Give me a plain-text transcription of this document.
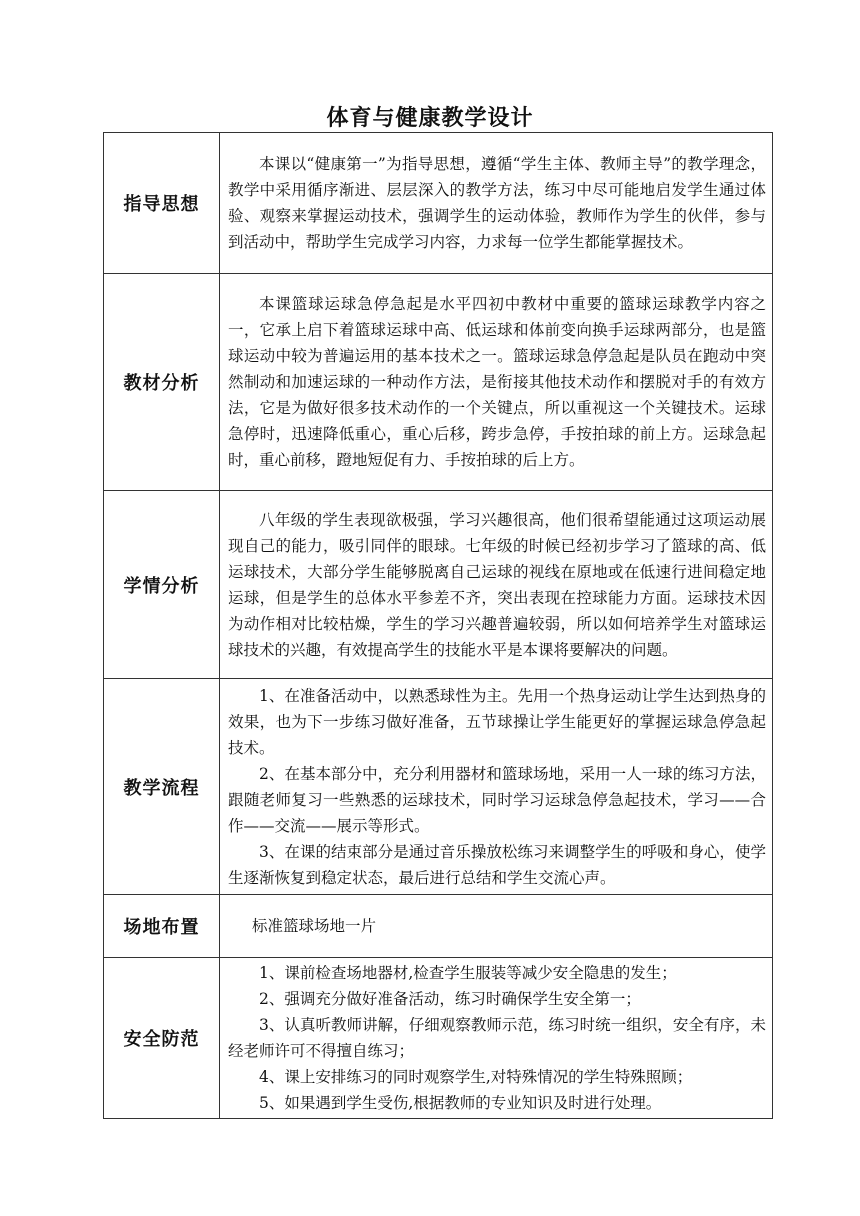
体育与健康教学设计
指导思想	本课以“健康第一”为指导思想，遵循“学生主体、教师主导”的教学理念，教学中采用循序渐进、层层深入的教学方法，练习中尽可能地启发学生通过体验、观察来掌握运动技术，强调学生的运动体验，教师作为学生的伙伴，参与到活动中，帮助学生完成学习内容，力求每一位学生都能掌握技术。

教材分析	本课篮球运球急停急起是水平四初中教材中重要的篮球运球教学内容之一，它承上启下着篮球运球中高、低运球和体前变向换手运球两部分，也是篮球运动中较为普遍运用的基本技术之一。篮球运球急停急起是队员在跑动中突然制动和加速运球的一种动作方法，是衔接其他技术动作和摆脱对手的有效方法，它是为做好很多技术动作的一个关键点，所以重视这一个关键技术。运球急停时，迅速降低重心，重心后移，跨步急停，手按拍球的前上方。运球急起时，重心前移，蹬地短促有力、手按拍球的后上方。

学情分析	八年级的学生表现欲极强，学习兴趣很高，他们很希望能通过这项运动展现自己的能力，吸引同伴的眼球。七年级的时候已经初步学习了篮球的高、低运球技术，大部分学生能够脱离自己运球的视线在原地或在低速行进间稳定地运球，但是学生的总体水平参差不齐，突出表现在控球能力方面。运球技术因为动作相对比较枯燥，学生的学习兴趣普遍较弱，所以如何培养学生对篮球运球技术的兴趣，有效提高学生的技能水平是本课将要解决的问题。

教学流程	1、在准备活动中，以熟悉球性为主。先用一个热身运动让学生达到热身的效果，也为下一步练习做好准备，五节球操让学生能更好的掌握运球急停急起技术。

2、在基本部分中，充分利用器材和篮球场地，采用一人一球的练习方法，跟随老师复习一些熟悉的运球技术，同时学习运球急停急起技术，学习——合作——交流——展示等形式。

3、在课的结束部分是通过音乐操放松练习来调整学生的呼吸和身心，使学生逐渐恢复到稳定状态，最后进行总结和学生交流心声。

场地布置	标准篮球场地一片

安全防范	1、课前检查场地器材,检查学生服装等减少安全隐患的发生；

2、强调充分做好准备活动，练习时确保学生安全第一；

3、认真听教师讲解，仔细观察教师示范，练习时统一组织，安全有序，未经老师许可不得擅自练习；

4、课上安排练习的同时观察学生,对特殊情况的学生特殊照顾；

5、如果遇到学生受伤,根据教师的专业知识及时进行处理。
